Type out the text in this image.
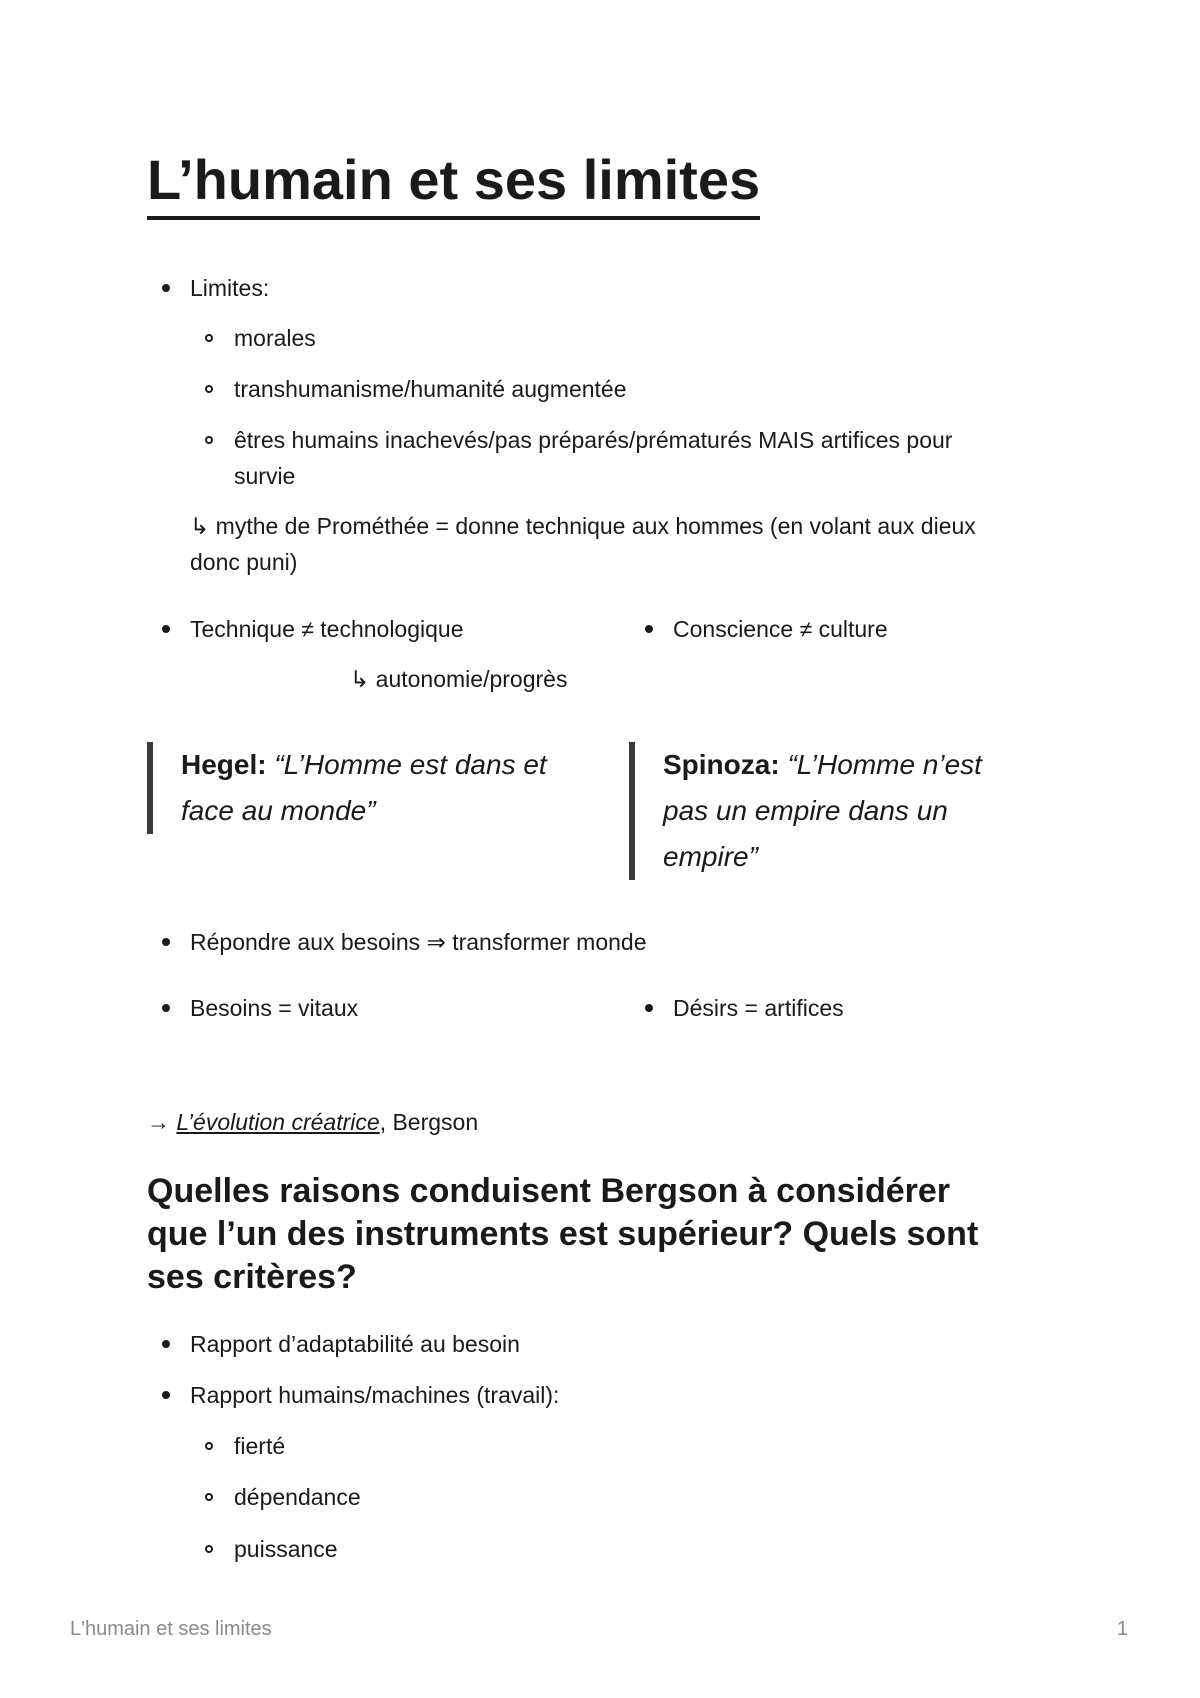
L’humain et ses limites
Limites:
morales
transhumanisme/humanité augmentée
êtres humains inachevés/pas préparés/prématurés MAIS artifices pour
survie
↳ mythe de Prométhée = donne technique aux hommes (en volant aux dieux
donc puni)
Technique ≠ technologique	Conscience ≠ culture
↳ autonomie/progrès
Hegel: “L’Homme est dans et
face au monde”
Spinoza: “L’Homme n’est
pas un empire dans un
empire”
Répondre aux besoins ⇒ transformer monde
Besoins = vitaux	Désirs = artifices
→ L’évolution créatrice, Bergson
Quelles raisons conduisent Bergson à considérer
que l’un des instruments est supérieur? Quels sont
ses critères?
Rapport d’adaptabilité au besoin
Rapport humains/machines (travail):
fierté
dépendance
puissance
L'humain et ses limites	1
